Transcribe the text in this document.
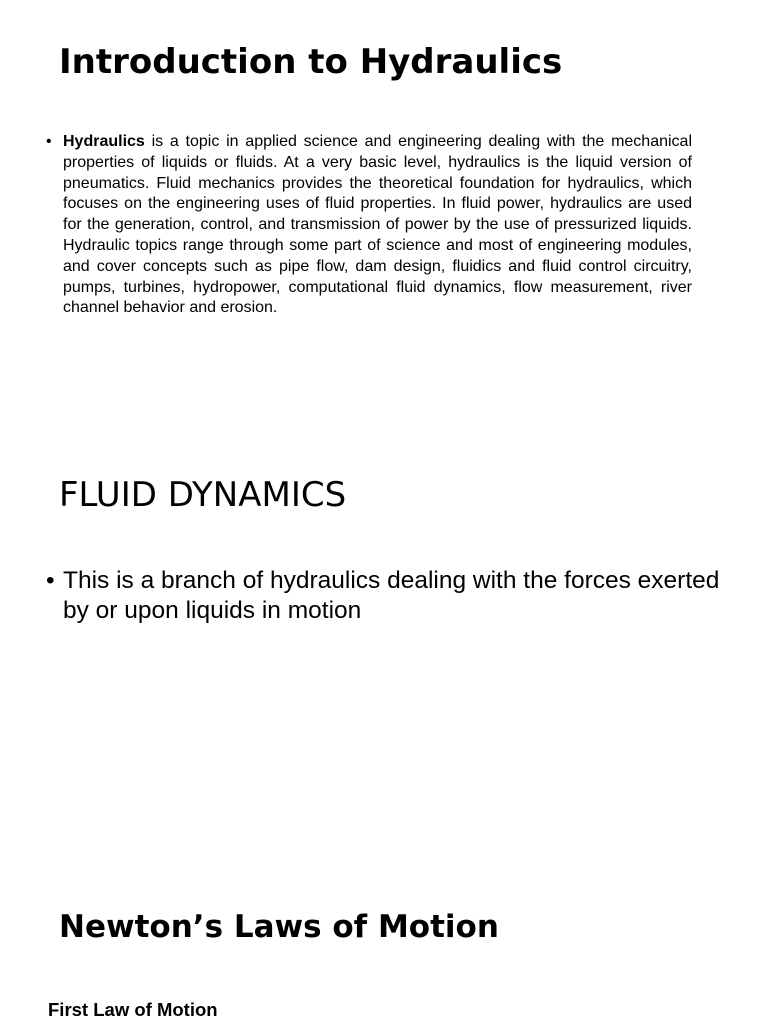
Introduction to Hydraulics
• Hydraulics is a topic in applied science and engineering dealing with the mechanical properties of liquids or fluids. At a very basic level, hydraulics is the liquid version of pneumatics. Fluid mechanics provides the theoretical foundation for hydraulics, which focuses on the engineering uses of fluid properties. In fluid power, hydraulics are used for the generation, control, and transmission of power by the use of pressurized liquids. Hydraulic topics range through some part of science and most of engineering modules, and cover concepts such as pipe flow, dam design, fluidics and fluid control circuitry, pumps, turbines, hydropower, computational fluid dynamics, flow measurement, river channel behavior and erosion.

FLUID DYNAMICS
• This is a branch of hydraulics dealing with the forces exerted by or upon liquids in motion

Newton’s Laws of Motion

First Law of Motion
